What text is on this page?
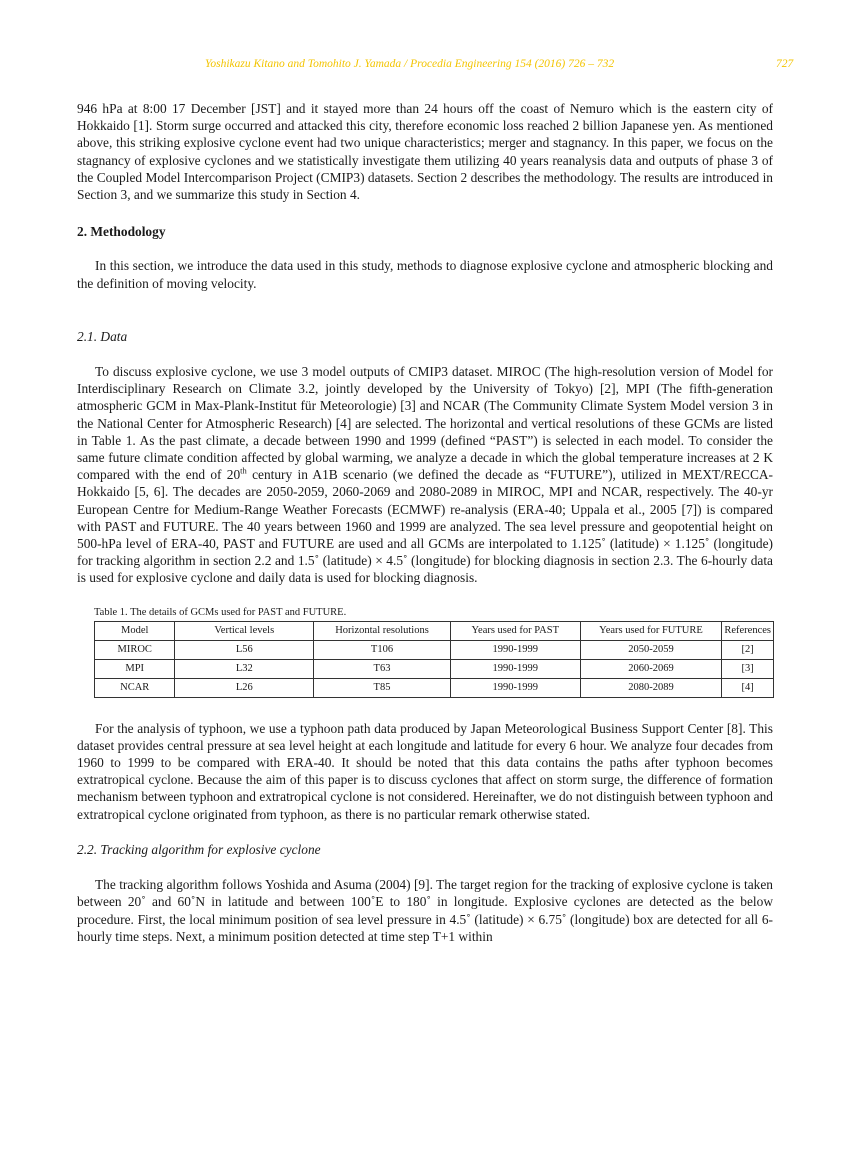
Yoshikazu Kitano and Tomohito J. Yamada / Procedia Engineering 154 (2016) 726 – 732	727

946 hPa at 8:00 17 December [JST] and it stayed more than 24 hours off the coast of Nemuro which is the eastern city of Hokkaido [1]. Storm surge occurred and attacked this city, therefore economic loss reached 2 billion Japanese yen. As mentioned above, this striking explosive cyclone event had two unique characteristics; merger and stagnancy. In this paper, we focus on the stagnancy of explosive cyclones and we statistically investigate them utilizing 40 years reanalysis data and outputs of phase 3 of the Coupled Model Intercomparison Project (CMIP3) datasets. Section 2 describes the methodology. The results are introduced in Section 3, and we summarize this study in Section 4.

2. Methodology

In this section, we introduce the data used in this study, methods to diagnose explosive cyclone and atmospheric blocking and the definition of moving velocity.

2.1. Data

To discuss explosive cyclone, we use 3 model outputs of CMIP3 dataset. MIROC (The high-resolution version of Model for Interdisciplinary Research on Climate 3.2, jointly developed by the University of Tokyo) [2], MPI (The fifth-generation atmospheric GCM in Max-Plank-Institut für Meteorologie) [3] and NCAR (The Community Climate System Model version 3 in the National Center for Atmospheric Research) [4] are selected. The horizontal and vertical resolutions of these GCMs are listed in Table 1. As the past climate, a decade between 1990 and 1999 (defined “PAST”) is selected in each model. To consider the same future climate condition affected by global warming, we analyze a decade in which the global temperature increases at 2 K compared with the end of 20th century in A1B scenario (we defined the decade as “FUTURE”), utilized in MEXT/RECCA-Hokkaido [5, 6]. The decades are 2050-2059, 2060-2069 and 2080-2089 in MIROC, MPI and NCAR, respectively. The 40-yr European Centre for Medium-Range Weather Forecasts (ECMWF) re-analysis (ERA-40; Uppala et al., 2005 [7]) is compared with PAST and FUTURE. The 40 years between 1960 and 1999 are analyzed. The sea level pressure and geopotential height on 500-hPa level of ERA-40, PAST and FUTURE are used and all GCMs are interpolated to 1.125˚ (latitude) × 1.125˚ (longitude) for tracking algorithm in section 2.2 and 1.5˚ (latitude) × 4.5˚ (longitude) for blocking diagnosis in section 2.3. The 6-hourly data is used for explosive cyclone and daily data is used for blocking diagnosis.

Table 1. The details of GCMs used for PAST and FUTURE.
Model	Vertical levels	Horizontal resolutions	Years used for PAST	Years used for FUTURE	References
MIROC	L56	T106	1990-1999	2050-2059	[2]
MPI	L32	T63	1990-1999	2060-2069	[3]
NCAR	L26	T85	1990-1999	2080-2089	[4]

For the analysis of typhoon, we use a typhoon path data produced by Japan Meteorological Business Support Center [8]. This dataset provides central pressure at sea level height at each longitude and latitude for every 6 hour. We analyze four decades from 1960 to 1999 to be compared with ERA-40. It should be noted that this data contains the paths after typhoon becomes extratropical cyclone. Because the aim of this paper is to discuss cyclones that affect on storm surge, the difference of formation mechanism between typhoon and extratropical cyclone is not considered. Hereinafter, we do not distinguish between typhoon and extratropical cyclone originated from typhoon, as there is no particular remark otherwise stated.

2.2. Tracking algorithm for explosive cyclone

The tracking algorithm follows Yoshida and Asuma (2004) [9]. The target region for the tracking of explosive cyclone is taken between 20˚ and 60˚N in latitude and between 100˚E to 180˚ in longitude. Explosive cyclones are detected as the below procedure. First, the local minimum position of sea level pressure in 4.5˚ (latitude) × 6.75˚ (longitude) box are detected for all 6-hourly time steps. Next, a minimum position detected at time step T+1 within
